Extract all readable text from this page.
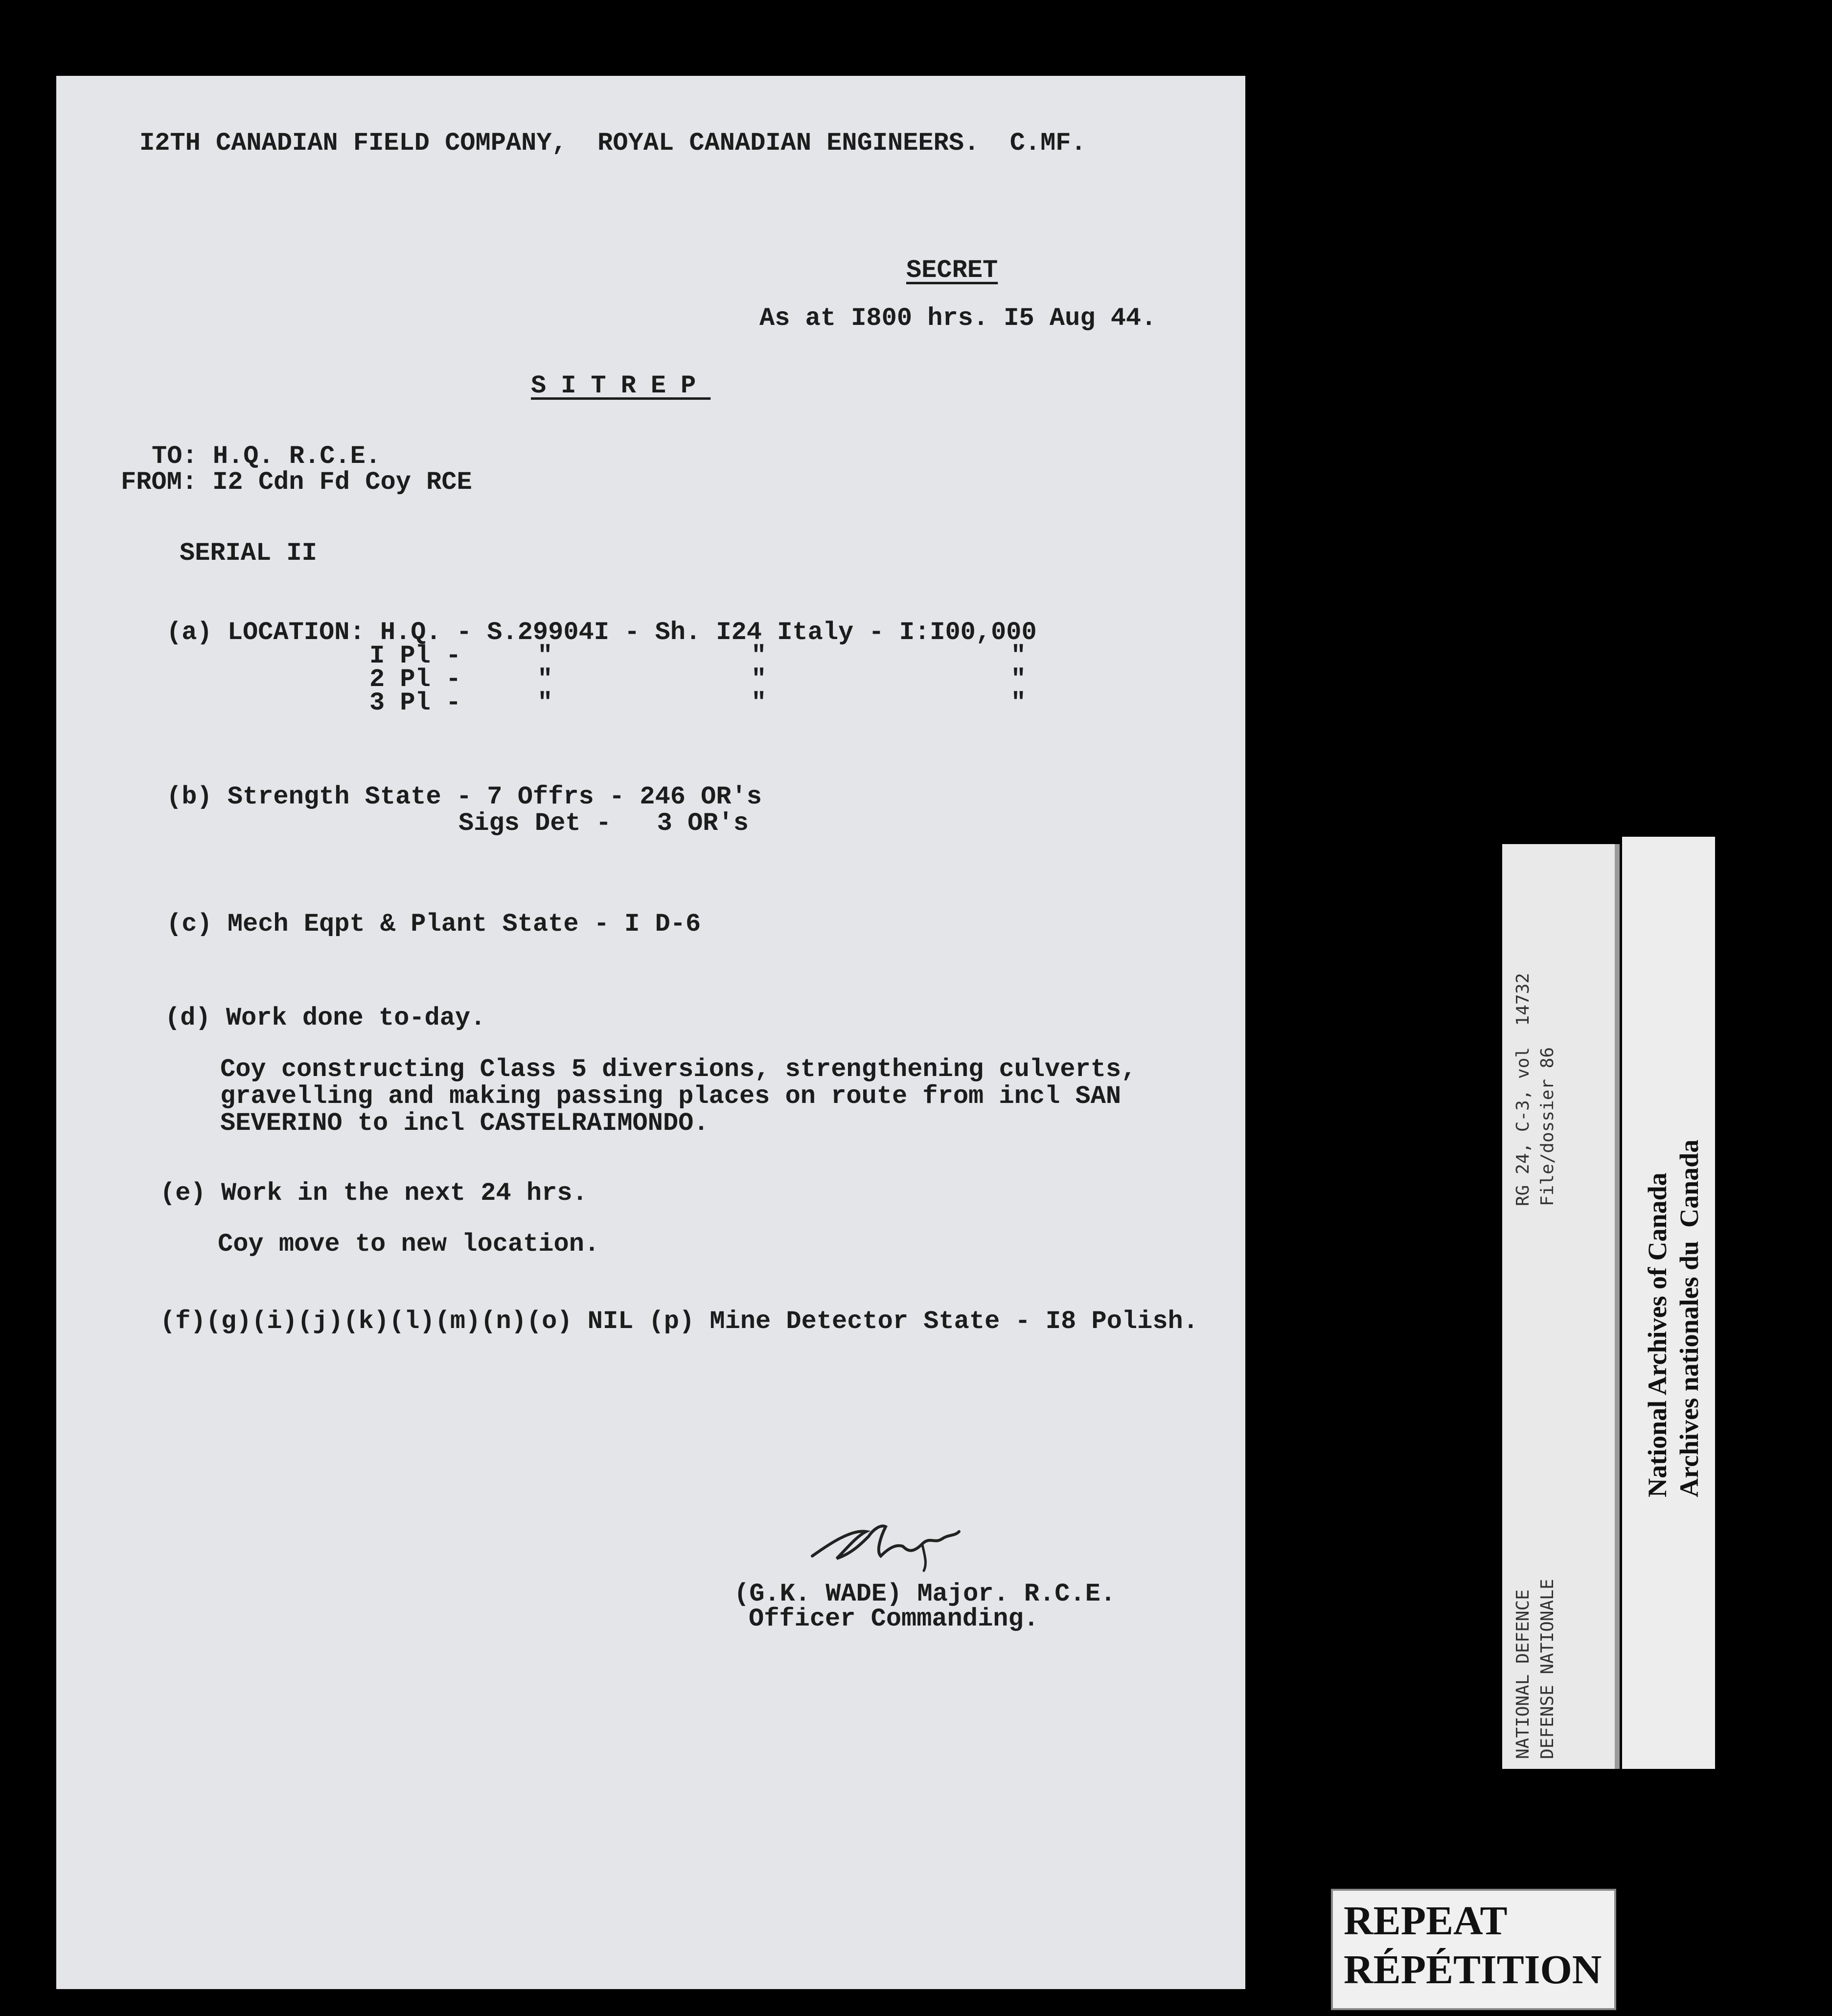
I2TH CANADIAN FIELD COMPANY,  ROYAL CANADIAN ENGINEERS.  C.MF.
SECRET
As at I800 hrs. I5 Aug 44.
SITREP
TO: H.Q. R.C.E.
FROM: I2 Cdn Fd Coy RCE
SERIAL II
(a) LOCATION: H.Q. - S.29904I - Sh. I24 Italy - I:I00,000
I Pl -     "             "                "
2 Pl -     "             "                "
3 Pl -     "             "                "
(b) Strength State - 7 Offrs - 246 OR's
Sigs Det -   3 OR's
(c) Mech Eqpt & Plant State - I D-6
(d) Work done to-day.
Coy constructing Class 5 diversions, strengthening culverts,
gravelling and making passing places on route from incl SAN
SEVERINO to incl CASTELRAIMONDO.
(e) Work in the next 24 hrs.
Coy move to new location.
(f)(g)(i)(j)(k)(l)(m)(n)(o) NIL (p) Mine Detector State - I8 Polish.
(G.K. WADE) Major. R.C.E.
Officer Commanding.
RG 24, C-3, vol  14732 File/dossier 86
NATIONAL DEFENCE DEFENSE NATIONALE
National Archives of Canada Archives nationales du  Canada
REPEAT
RÉPÉTITION
